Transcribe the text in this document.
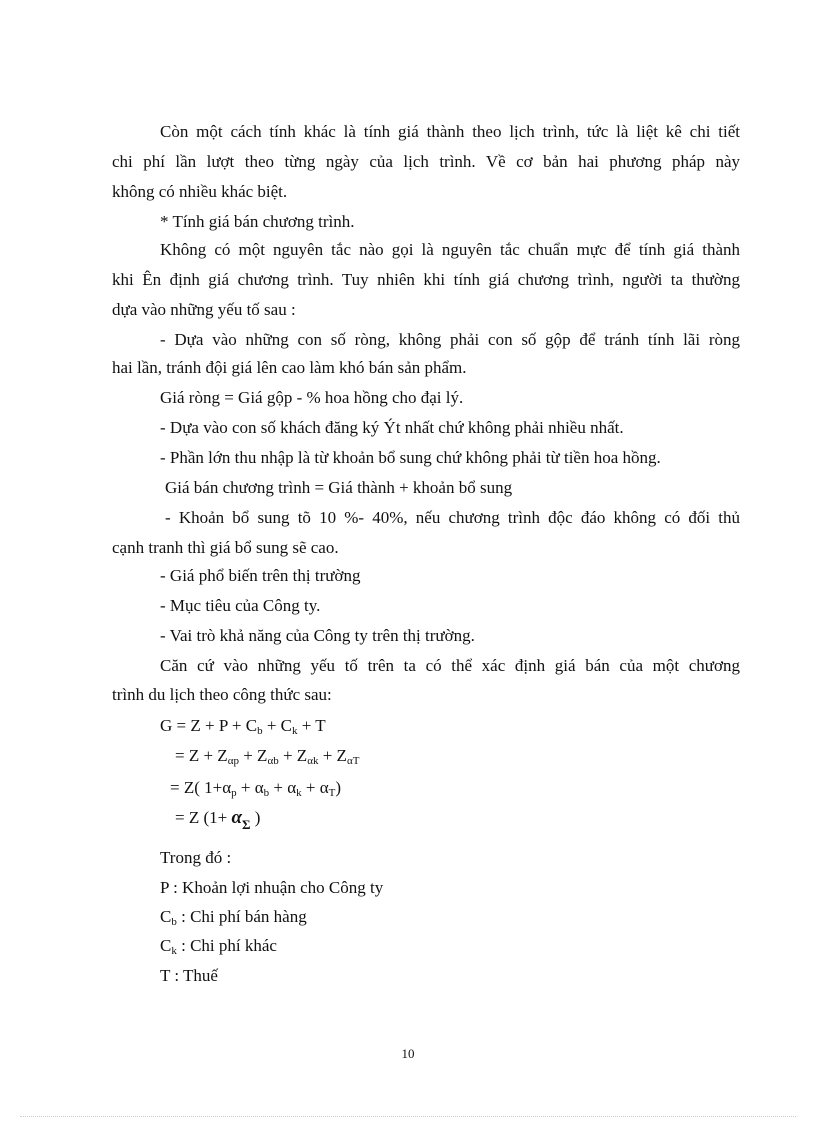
Còn một cách tính khác là tính giá thành theo lịch trình, tức là liệt kê chi tiết
chi phí lần lượt theo từng ngày của lịch trình. Về cơ bản hai phương pháp này
không có nhiều khác biệt.
* Tính giá bán chương trình.
Không có một nguyên tắc nào gọi là nguyên tắc chuẩn mực để tính giá thành
khi Ên định giá chương trình. Tuy nhiên khi tính giá chương trình, người ta thường
dựa vào những yếu tố sau :
- Dựa vào những con số ròng, không phải con số gộp để tránh tính lãi ròng
hai lần, tránh đội giá lên cao làm khó bán sản phẩm.
Giá ròng = Giá gộp - % hoa hồng cho đại lý.
- Dựa vào con số khách đăng ký Ýt nhất chứ không phải nhiều nhất.
- Phần lớn thu nhập là từ khoản bổ sung chứ không phải từ tiền hoa hồng.
Giá bán chương trình = Giá thành + khoản bổ sung
- Khoản bổ sung tõ 10 %- 40%, nếu chương trình độc đáo không có đối thủ
cạnh tranh thì giá bổ sung sẽ cao.
- Giá phổ biến trên thị trường
- Mục tiêu của Công ty.
- Vai trò khả năng của Công ty trên thị trường.
Căn cứ vào những yếu tố trên ta có thể xác định giá bán của một chương
trình du lịch theo công thức sau:
$G = Z + P + C_b + C_k + T$
= $Z + Z_{\alpha p} + Z_{\alpha b} + Z_{\alpha k} + Z_{\alpha T}$
= Z( $1+\alpha_p + \alpha_b + \alpha_k + \alpha_T$)
= Z ($1+ \alpha_\Sigma$ )
Trong đó :
P : Khoản lợi nhuận cho Công ty
$C_b$ : Chi phí bán hàng
$C_k$ : Chi phí khác
T : Thuế
10
